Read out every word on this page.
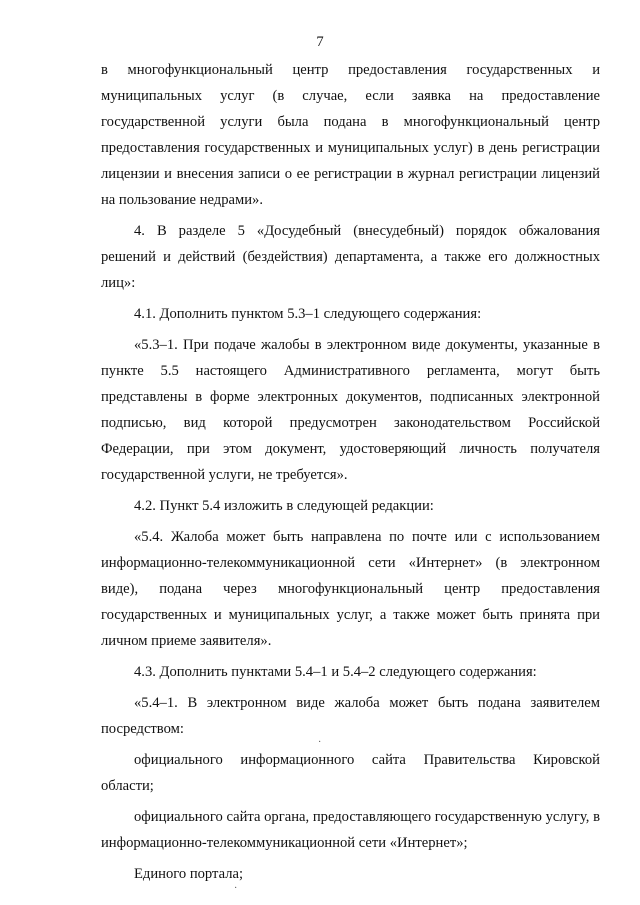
7

в многофункциональный центр предоставления государственных и муниципальных услуг (в случае, если заявка на предоставление государственной услуги была подана в многофункциональный центр предоставления государственных и муниципальных услуг) в день регистрации лицензии и внесения записи о ее регистрации в журнал регистрации лицензий на пользование недрами».

4. В разделе 5 «Досудебный (внесудебный) порядок обжалования решений и действий (бездействия) департамента, а также его должностных лиц»:

4.1. Дополнить пунктом 5.3–1 следующего содержания:

«5.3–1. При подаче жалобы в электронном виде документы, указанные в пункте 5.5 настоящего Административного регламента, могут быть представлены в форме электронных документов, подписанных электронной подписью, вид которой предусмотрен законодательством Российской Федерации, при этом документ, удостоверяющий личность получателя государственной услуги, не требуется».

4.2. Пункт 5.4 изложить в следующей редакции:

«5.4. Жалоба может быть направлена по почте или с использованием информационно-телекоммуникационной сети «Интернет» (в электронном виде), подана через многофункциональный центр предоставления государственных и муниципальных услуг, а также может быть принята при личном приеме заявителя».

4.3. Дополнить пунктами 5.4–1 и 5.4–2 следующего содержания:

«5.4–1. В электронном виде жалоба может быть подана заявителем посредством:

официального информационного сайта Правительства Кировской области;

официального сайта органа, предоставляющего государственную услугу, в информационно-телекоммуникационной сети «Интернет»;

Единого портала;

·
·
